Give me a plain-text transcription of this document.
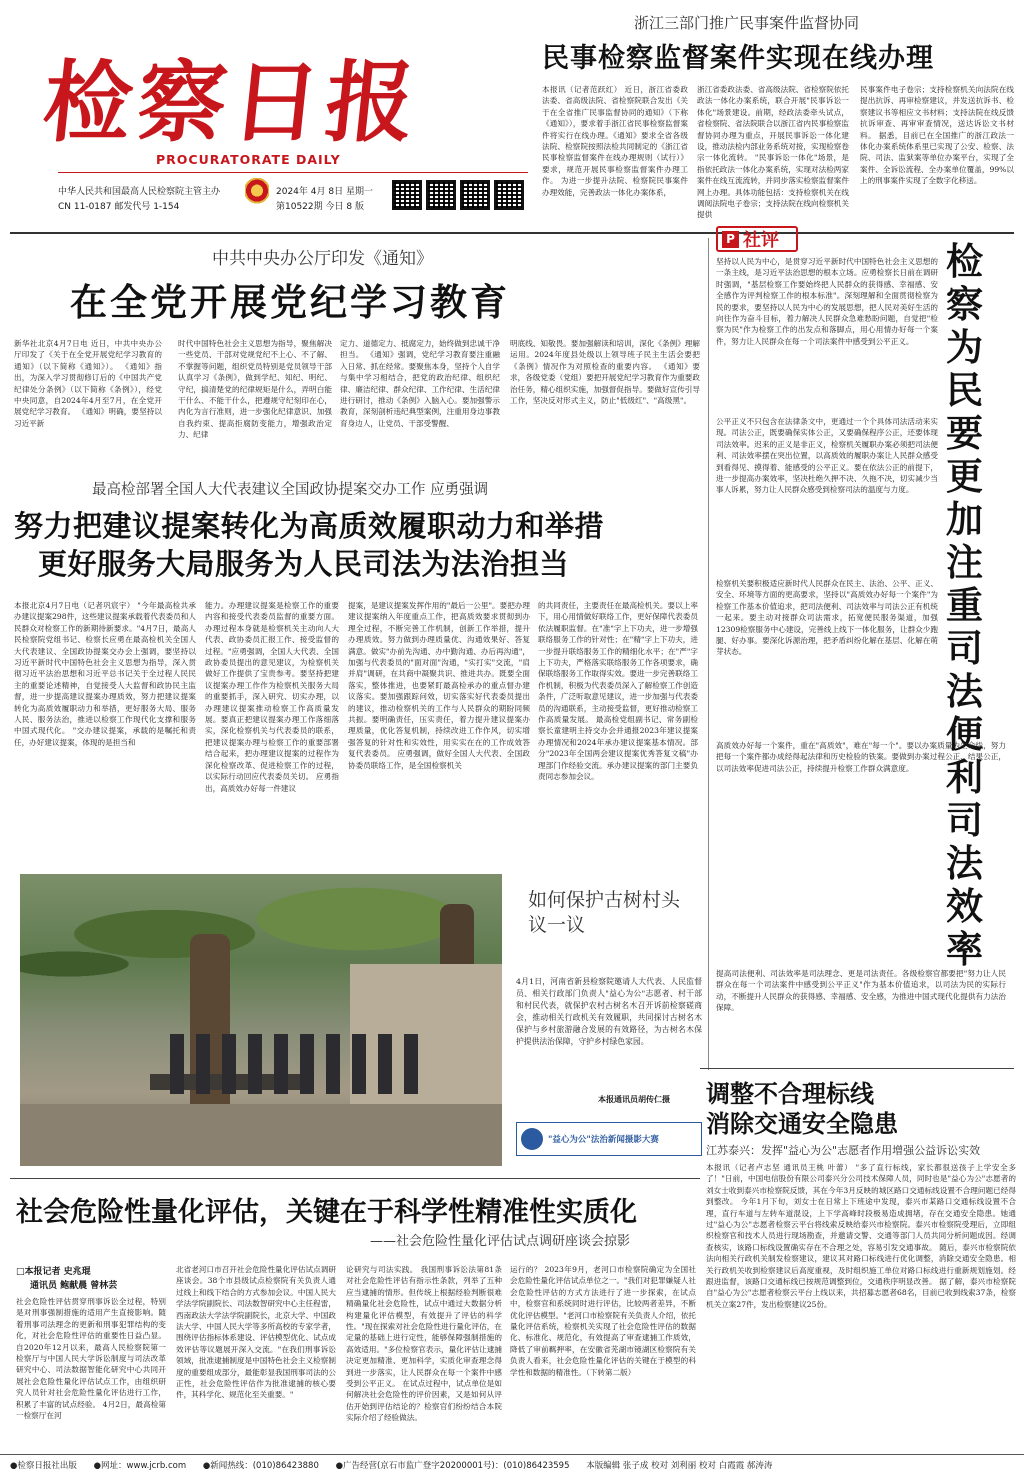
检察日报
PROCURATORATE DAILY
中华人民共和国最高人民检察院主管主办
CN 11-0187 邮发代号 1-154
2024年 4月 8日 星期一
第10522期 今日 8 版
浙江三部门推广民事案件监督协同
民事检察监督案件实现在线办理
本报讯（记者范跃红） 近日，浙江省委政法委、省高级法院、省检察院联合发出《关于在全省推广民事监督协同的通知》（下称《通知》），要求着手浙江省民事检察监督案件将实行在线办理。《通知》要求全省各级法院、检察院按照法检共同制定的《浙江省民事检察监督案件在线办理规则（试行）》要求，规范开展民事检察监督案件办理工作。 为进一步提升法院、检察院民事案件办理效能，完善政法一体化办案体系，
浙江省委政法委、省高级法院、省检察院依托政法一体化办案系统，联合开展"民事诉讼一体化"场景建设。前期，经政法委牵头试点，省检察院、省法院联合以浙江省内民事检察监督协同办理为重点，开展民事诉讼一体化建设，推动法检内部业务系统对接，实现检察卷宗一体化流转。 "民事诉讼一体化"场景，是指依托政法一体化办案系统，实现对法检两家案件在线互流流转，并同步落实检察监督案件网上办理。具体功能包括：支持检察机关在线调阅法院电子卷宗；支持法院在线向检察机关提供
民事案件电子卷宗；支持检察机关向法院在线提出抗诉、再审检察建议，并发送抗诉书、检察建议书等相应文书材料；支持法院在线反馈抗诉审查、再审审查情况，送达诉讼文书材料。 据悉，目前已在全国推广的浙江政法一体化办案系统体系里已实现了公安、检察、法院、司法、监狱案等单位办案平台，实现了全案件、全诉讼流程、全办案单位覆盖，99%以上的刑事案件实现了全数字化移送。
中共中央办公厅印发《通知》
在全党开展党纪学习教育
新华社北京4月7日电 近日，中共中央办公厅印发了《关于在全党开展党纪学习教育的通知》（以下简称《通知》）。 《通知》指出，为深入学习贯彻修订后的《中国共产党纪律处分条例》（以下简称《条例》），经党中央同意，自2024年4月至7月，在全党开展党纪学习教育。 《通知》明确，要坚持以习近平新
时代中国特色社会主义思想为指导，聚焦解决一些党员、干部对党规党纪不上心、不了解、不掌握等问题，组织党员特别是党员领导干部认真学习《条例》，做到学纪、知纪、明纪、守纪，搞清楚党的纪律规矩是什么，弄明白能干什么、不能干什么，把遵规守纪刻印在心，内化为言行准则，进一步强化纪律意识、加强自我约束、提高拒腐防变能力，增强政治定力、纪律
定力、道德定力、抵腐定力，始终做到忠诚干净担当。 《通知》强调，党纪学习教育要注重融入日常、抓在经常。要聚焦本身，坚持个人自学与集中学习相结合，把党的政治纪律、组织纪律、廉洁纪律、群众纪律、工作纪律、生活纪律进行研讨，推动《条例》入脑入心。要加强警示教育，深刻剖析违纪典型案例，注重用身边事教育身边人，让党员、干部受警醒、
明底线、知敬畏。要加强解读和培训，深化《条例》理解运用。2024年度县处级以上领导班子民主生活会要把《条例》情况作为对照检查的重要内容。 《通知》要求，各级党委（党组）要把开展党纪学习教育作为重要政治任务，精心组织实施，加强督促指导。要做好宣传引导工作，坚决反对形式主义，防止"低级红"、"高级黑"。
最高检部署全国人大代表建议全国政协提案交办工作 应勇强调
努力把建议提案转化为高质效履职动力和举措
更好服务大局服务为人民司法为法治担当
本报北京4月7日电（记者巩宸宇） "今年最高检共承办建议提案298件，这些建议提案承载着代表委员和人民群众对检察工作的新期待新要求。"4月7日，最高人民检察院党组书记、检察长应勇在最高检机关全国人大代表建议、全国政协提案交办会上强调，要坚持以习近平新时代中国特色社会主义思想为指导，深入贯彻习近平法治思想和习近平总书记关于全过程人民民主的重要论述精神，自觉接受人大监督和政协民主监督，进一步提高建议提案办理质效，努力把建议提案转化为高质效履职动力和举措，更好服务大局、服务人民、服务法治，推进以检察工作现代化支撑和服务中国式现代化。 "交办建议提案，承载的是嘱托和责任，办好建议提案，体现的是担当和
能力。办理建议提案是检察工作的重要内容和接受代表委员监督的重要方面。办理过程本身就是检察机关主动向人大代表、政协委员汇报工作、接受监督的过程。"应勇强调，全国人大代表、全国政协委员提出的意见建议，为检察机关做好工作提供了宝贵参考。要坚持把建议提案办理工作作为检察机关服务大局的重要抓手，深入研究、切实办理，以办理建议提案推动检察工作高质量发展。要真正把建议提案办理工作落细落实，深化检察机关与代表委员的联系，把建议提案办理与检察工作的重要部署结合起来，把办理建议提案的过程作为深化检察改革、促进检察工作的过程，以实际行动回应代表委员关切。 应勇指出，高质效办好每一件建议
提案，是建议提案发挥作用的"最后一公里"。要把办理建议提案纳入年度重点工作，把高质效要求贯彻到办理全过程，不断完善工作机制，创新工作举措，提升办理质效。努力做到办理质量优、沟通效果好、答复满意。做实"办前先沟通、办中勤沟通、办后再沟通"，加强与代表委员的"面对面"沟通，"实打实"交流，"肩并肩"调研，在共商中凝聚共识、推进共办。既要全面落实，整体推进，也要紧盯最高检承办的重点督办建议落实。要加强跟踪问效，切实落实好代表委员提出的建议，推动检察机关的工作与人民群众的期盼同频共振。要明确责任，压实责任，着力提升建议提案办理质量，优化答复机制，持续改进工作作风，切实增强答复的针对性和实效性，用实实在在的工作成效答复代表委员。 应勇强调，做好全国人大代表、全国政协委员联络工作，是全国检察机关
的共同责任，主要责任在最高检机关。要以上率下，用心用情做好联络工作，更好保障代表委员依法履职监督。在"准"字上下功夫，进一步增强联络服务工作的针对性；在"精"字上下功夫，进一步提升联络服务工作的精细化水平；在"严"字上下功夫，严格落实联络服务工作各项要求，确保联络服务工作取得实效。要进一步完善联络工作机制，积极为代表委员深入了解检察工作创造条件，广泛听取意见建议，进一步加强与代表委员的沟通联系，主动接受监督，更好推动检察工作高质量发展。 最高检党组副书记、常务副检察长童建明主持交办会并通报2023年建议提案办理情况和2024年承办建议提案基本情况。部分"2023年全国两会建议提案优秀答复文稿"办理部门作经验交流。承办建议提案的部门主要负责同志参加会议。
P 社评	检察为民要更加注重司法便利司法效率
坚持以人民为中心，是贯穿习近平新时代中国特色社会主义思想的一条主线，是习近平法治思想的根本立场。应勇检察长日前在调研时强调，"基层检察工作要始终把人民群众的获得感、幸福感、安全感作为评判检察工作的根本标准"。深刻理解和全面贯彻检察为民的要求，要坚持以人民为中心的发展思想，把人民对美好生活的向往作为奋斗目标，着力解决人民群众急难愁盼问题，自觉把"检察为民"作为检察工作的出发点和落脚点，用心用情办好每一个案件，努力让人民群众在每一个司法案件中感受到公平正义。
公平正义不只包含在法律条文中，更通过一个个具体司法活动来实现。司法公正，既要确保实体公正，又要确保程序公正，还要体现司法效率。迟来的正义是非正义，检察机关履职办案必须把司法便利、司法效率摆在突出位置，以高质效的履职办案让人民群众感受到看得见、摸得着、能感受的公平正义。要在依法公正的前提下，进一步提高办案效率，坚决杜绝久押不决、久拖不决，切实减少当事人诉累，努力让人民群众感受到检察司法的温度与力度。
检察机关要积极适应新时代人民群众在民主、法治、公平、正义、安全、环境等方面的更高要求，坚持以"高质效办好每一个案件"为检察工作基本价值追求，把司法便利、司法效率与司法公正有机统一起来。要主动对接群众司法需求，拓宽便民服务渠道，加强12309检察服务中心建设，完善线上线下一体化服务，让群众少跑腿、好办事。要深化诉源治理，把矛盾纠纷化解在基层、化解在萌芽状态。
高质效办好每一个案件，重在"高质效"，难在"每一个"。要以办案质量为生命线，努力把每一个案件都办成经得起法律和历史检验的铁案。要做到办案过程公正、结果公正，以司法效率促进司法公正，持续提升检察工作群众满意度。
提高司法便利、司法效率是司法理念、更是司法责任。各级检察官都要把"努力让人民群众在每一个司法案件中感受到公平正义"作为基本价值追求，以司法为民的实际行动，不断提升人民群众的获得感、幸福感、安全感，为推进中国式现代化提供有力法治保障。
如何保护古树村头议一议
4月1日，河南省新县检察院邀请人大代表、人民监督员、相关行政部门负责人"益心为公"志愿者、村干部和村民代表，就保护农村古树名木召开诉前检察磋商会，推动相关行政机关有效履职，共同探讨古树名木保护与乡村旅游融合发展的有效路径，为古树名木保护提供法治保障，守护乡村绿色家园。
本报通讯员胡传仁摄
"益心为公"法治新闻摄影大赛
调整不合理标线
消除交通安全隐患
江苏泰兴：发挥"益心为公"志愿者作用增强公益诉讼实效
本报讯（记者卢志坚 通讯员王桃 叶蕾） "多了直行标线，家长都很送孩子上学安全多了！"日前，中国电信股份有限公司泰兴分公司技术保障人员，同时也是"益心为公"志愿者的刘女士收到泰兴市检察院反馈，其在今年3月反映的城区路口交通标线设置不合理问题已经得到整改。 今年1月下旬，刘女士在日常上下班途中发现，泰兴市某路口交通标线设置不合理，直行车道与左转车道混设，上下学高峰时段极易造成拥堵，存在交通安全隐患。她通过"益心为公"志愿者检察云平台将线索反映给泰兴市检察院。泰兴市检察院受理后，立即组织检察官和技术人员进行现场勘查，并邀请交警、交通等部门人员共同分析问题成因。经调查核实，该路口标线设置确实存在不合理之处，容易引发交通事故。 随后，泰兴市检察院依法向相关行政机关制发检察建议，建议其对路口标线进行优化调整，消除交通安全隐患。相关行政机关收到检察建议后高度重视，及时组织施工单位对路口标线进行重新规划施划。经跟进监督，该路口交通标线已按规范调整到位，交通秩序明显改善。 据了解，泰兴市检察院自"益心为公"志愿者检察云平台上线以来，共招募志愿者68名，目前已收到线索37条，检察机关立案27件，发出检察建议25份。
社会危险性量化评估，关键在于科学性精准性实质化
——社会危险性量化评估试点调研座谈会掠影
□本报记者 史兆琨
通讯员 鲍献晨 曾林芸
社会危险性评估贯穿刑事诉讼全过程，特别是对刑事强制措施的适用产生直接影响。随着刑事司法理念的更新和刑事犯罪结构的变化，对社会危险性评估的重要性日益凸显。 自2020年12月以来，最高人民检察院第一检察厅与中国人民大学诉讼制度与司法改革研究中心、司法数据智能化研究中心共同开展社会危险性量化评估试点工作，由组织研究人员针对社会危险性量化评估进行工作，积累了丰富的试点经验。 4月2日，最高检第一检察厅在河
北省老河口市召开社会危险性量化评估试点调研座谈会。38个市县级试点检察院有关负责人通过线上和线下结合的方式参加会议。中国人民大学法学院副院长、司法数智研究中心主任程雷，西南政法大学法学院副院长，北京大学、中国政法大学、中国人民大学等多所高校的专家学者，围绕评估指标体系建设、评估模型优化、试点成效评估等议题展开深入交流。"在我们刑事诉讼领域，批准逮捕制度是中国特色社会主义检察制度的重要组成部分，最能彰显我国刑事司法的公正性，社会危险性评估作为批准逮捕的核心要件，其科学化、规范化至关重要。"
论研究与司法实践。 我国刑事诉讼法第81条对社会危险性评估有指示性条款，列举了五种应当逮捕的情形。但传统上根据经验判断很难精确量化社会危险性，试点中通过大数据分析构建量化评估模型，有效提升了评估的科学性。"现在探索对社会危险性进行量化评估，在定量的基础上进行定性，能够保障强制措施的高效适用。"多位检察官表示，量化评估让逮捕决定更加精准、更加科学，实质化审查理念得到进一步落实，让人民群众在每一个案件中感受到公平正义。 在试点过程中，试点单位是如何解决社会危险性的评价因素，又是如何从评估开始到评估结论的？检察官们纷纷结合本院实际介绍了经验做法。
运行的？ 2023年9月，老河口市检察院确定为全国社会危险性量化评估试点单位之一。"我们对犯罪嫌疑人社会危险性评估的方式方法进行了进一步探索，在试点中，检察官和系统同时进行评估，比较两者差异，不断优化评估模型。"老河口市检察院有关负责人介绍，依托量化评估系统，检察机关实现了社会危险性评估的数据化、标准化、规范化，有效提高了审查逮捕工作质效，降低了审前羁押率，在安徽省芜湖市镜湖区检察院有关负责人看来，社会危险性量化评估的关键在于模型的科学性和数据的精准性。（下转第二版）
●检察日报社出版 ●网址：www.jcrb.com ●新闻热线：(010)86423880 ●广告经营(京石市监广登字20200001号)：(010)86423595 本版编辑 张子成 校对 刘利丽 校对 白霞霞 郝涛涛
